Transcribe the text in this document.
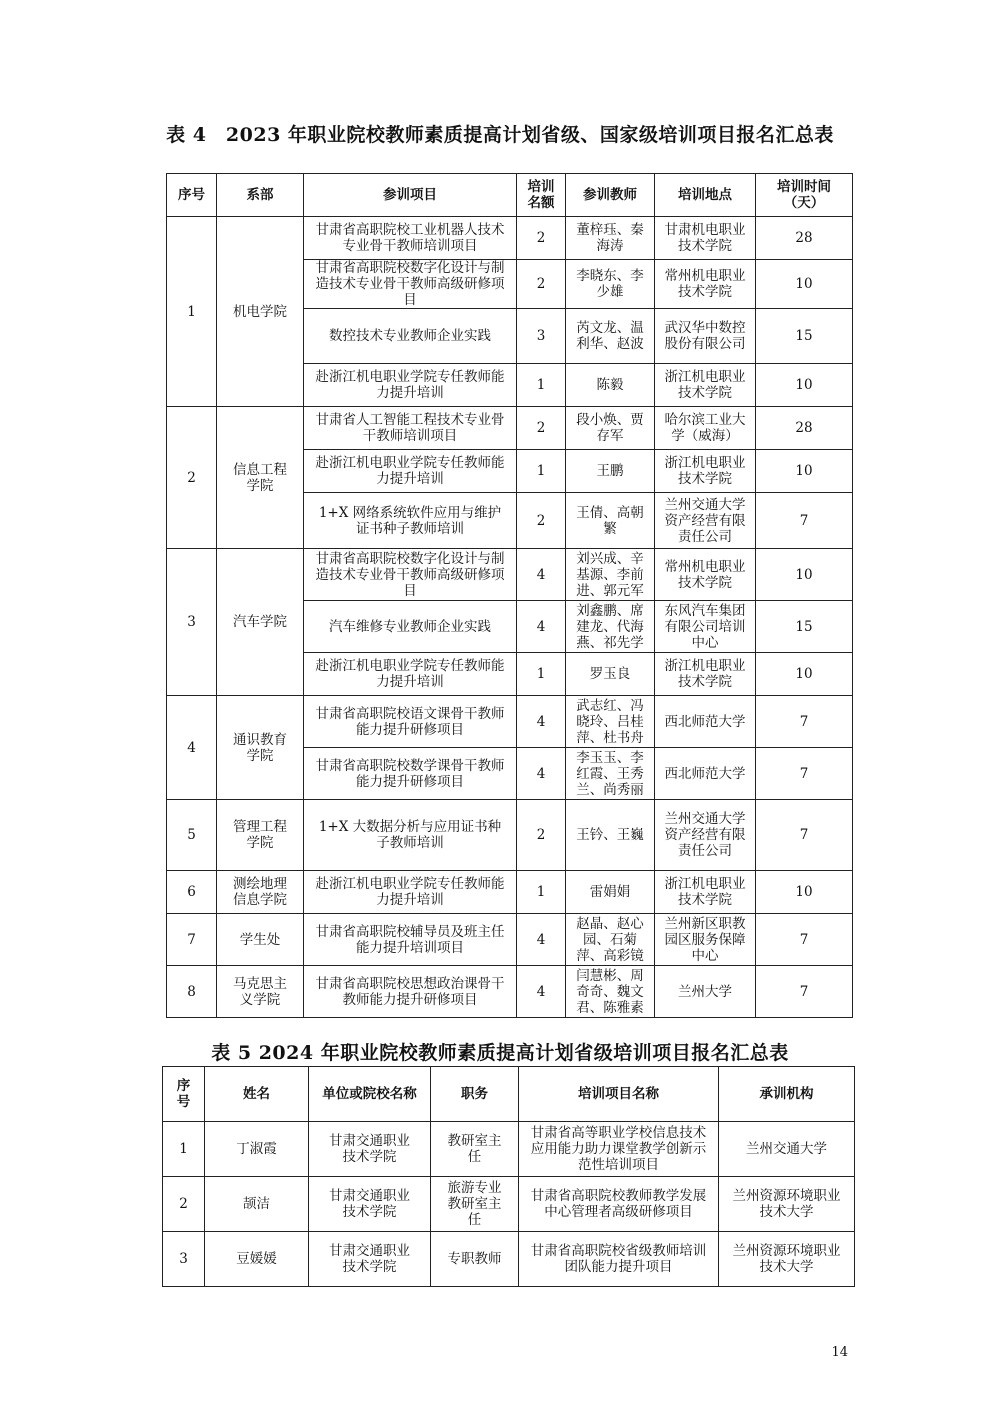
表 4　2023 年职业院校教师素质提高计划省级、国家级培训项目报名汇总表
序号	系部	参训项目	培训名额	参训教师	培训地点	培训时间（天）
1	机电学院	甘肃省高职院校工业机器人技术专业骨干教师培训项目	2	董梓珏、秦海涛	甘肃机电职业技术学院	28
		甘肃省高职院校数字化设计与制造技术专业骨干教师高级研修项目	2	李晓东、李少雄	常州机电职业技术学院	10
		数控技术专业教师企业实践	3	芮文龙、温利华、赵波	武汉华中数控股份有限公司	15
		赴浙江机电职业学院专任教师能力提升培训	1	陈毅	浙江机电职业技术学院	10
2	信息工程学院	甘肃省人工智能工程技术专业骨干教师培训项目	2	段小焕、贾存军	哈尔滨工业大学（威海）	28
		赴浙江机电职业学院专任教师能力提升培训	1	王鹏	浙江机电职业技术学院	10
		1+X 网络系统软件应用与维护证书种子教师培训	2	王倩、高朝繁	兰州交通大学资产经营有限责任公司	7
3	汽车学院	甘肃省高职院校数字化设计与制造技术专业骨干教师高级研修项目	4	刘兴成、辛基源、李前进、郭元军	常州机电职业技术学院	10
		汽车维修专业教师企业实践	4	刘鑫鹏、席建龙、代海燕、祁先学	东风汽车集团有限公司培训中心	15
		赴浙江机电职业学院专任教师能力提升培训	1	罗玉良	浙江机电职业技术学院	10
4	通识教育学院	甘肃省高职院校语文课骨干教师能力提升研修项目	4	武志红、冯晓玲、吕桂萍、杜书舟	西北师范大学	7
		甘肃省高职院校数学课骨干教师能力提升研修项目	4	李玉玉、李红霞、王秀兰、尚秀丽	西北师范大学	7
5	管理工程学院	1+X 大数据分析与应用证书种子教师培训	2	王钤、王巍	兰州交通大学资产经营有限责任公司	7
6	测绘地理信息学院	赴浙江机电职业学院专任教师能力提升培训	1	雷娟娟	浙江机电职业技术学院	10
7	学生处	甘肃省高职院校辅导员及班主任能力提升培训项目	4	赵晶、赵心园、石菊萍、高彩镜	兰州新区职教园区服务保障中心	7
8	马克思主义学院	甘肃省高职院校思想政治课骨干教师能力提升研修项目	4	闫慧彬、周奇奇、魏文君、陈雅素	兰州大学	7
表 5 2024 年职业院校教师素质提高计划省级培训项目报名汇总表
序号	姓名	单位或院校名称	职务	培训项目名称	承训机构
1	丁淑霞	甘肃交通职业技术学院	教研室主任	甘肃省高等职业学校信息技术应用能力助力课堂教学创新示范性培训项目	兰州交通大学
2	颉洁	甘肃交通职业技术学院	旅游专业教研室主任	甘肃省高职院校教师教学发展中心管理者高级研修项目	兰州资源环境职业技术大学
3	豆媛媛	甘肃交通职业技术学院	专职教师	甘肃省高职院校省级教师培训团队能力提升项目	兰州资源环境职业技术大学
14
